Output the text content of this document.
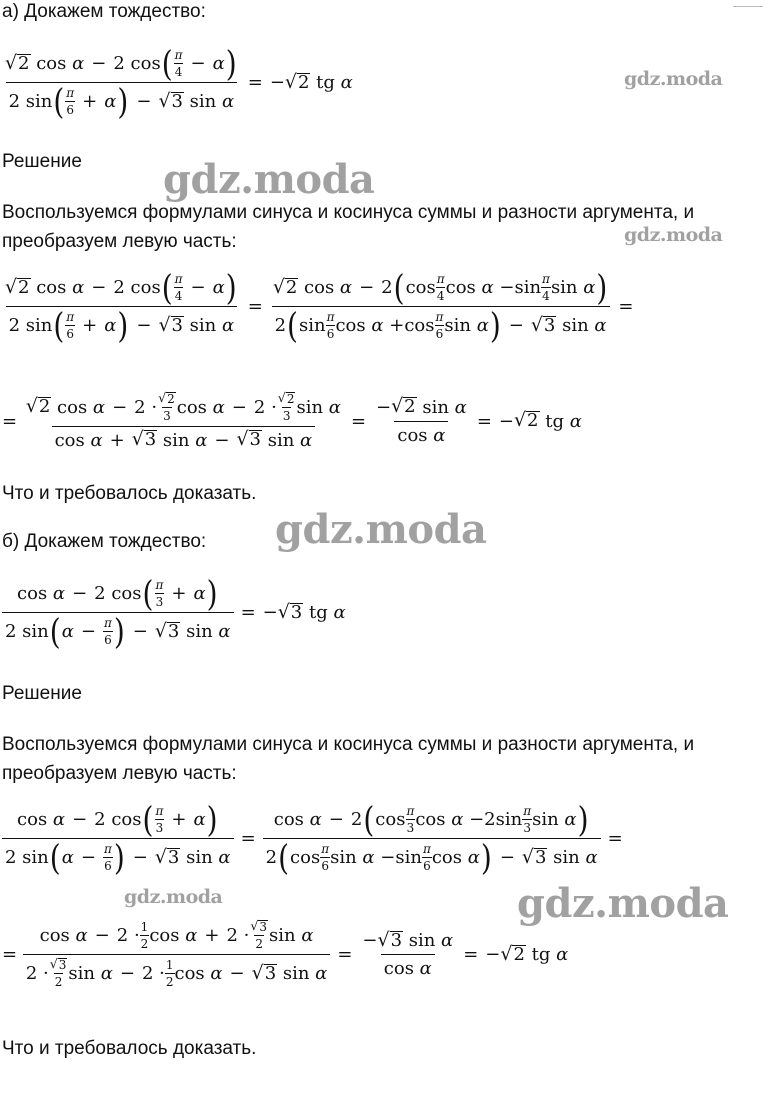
а) Докажем тождество:
√ 2 cos α − 2 cos ( π
4 − α )
2 sin ( π
6 + α ) − √ 3 sin α = − √ 2 tg α
Решение
Воспользуемся формулами синуса и косинуса суммы и разности аргумента, и
преобразуем левую часть:
√ 2 cos α − 2 cos ( π
4 − α )
2 sin ( π
6 + α ) − √ 3 sin α = √ 2 cos α − 2 ( cos π
4 cos α −sin π
4 sin α )
2 ( sin π
6 cos α +cos π
6 sin α ) − √ 3 sin α =
= $\frac{√ 2 \cos \alpha - 2 \cdot \frac{√ 2}{3} \cos \alpha - 2 \cdot \frac{√ 2}{3} \sin \alpha}{\text{cos α + √ 3 sin α − √ 3 sin α}} = \frac{\text{− √ 2 sin α}}{\text{cos α}}$ = − √ 2 tg α
Что и требовалось доказать.
б) Докажем тождество:
cos α − 2 cos ( π
3 + α )
2 sin ( $\alpha - \frac{\pi}{6}$ ) − √ 3 sin α = − √ 3 tg α
Решение
Воспользуемся формулами синуса и косинуса суммы и разности аргумента, и
преобразуем левую часть:
cos α − 2 cos ( π
3 + α )
2 sin ( $\alpha - \frac{\pi}{6}$ ) − √ 3 sin α = cos α − 2 ( cos π
3 cos α −2sin π
3 sin α )
2 ( cos π
6 sin α −sin π
6 cos α ) − √ 3 sin α =
= $\cos \alpha - 2 \cdot \frac{1}{2}$ $\cos \alpha + 2 \cdot \frac{√ 3}{2}$ sin α
2 · √ 3
2 $\sin \alpha - 2 \cdot \frac{1}{2}$ cos α − √ 3 $\sin \alpha = \frac{\text{− √ 3 sin α}}{\text{cos α}}$ = − √ 2 tg α
Что и требовалось доказать.
gdz.moda
gdz.moda
gdz.moda
gdz.moda
gdz.moda	gdz.moda
